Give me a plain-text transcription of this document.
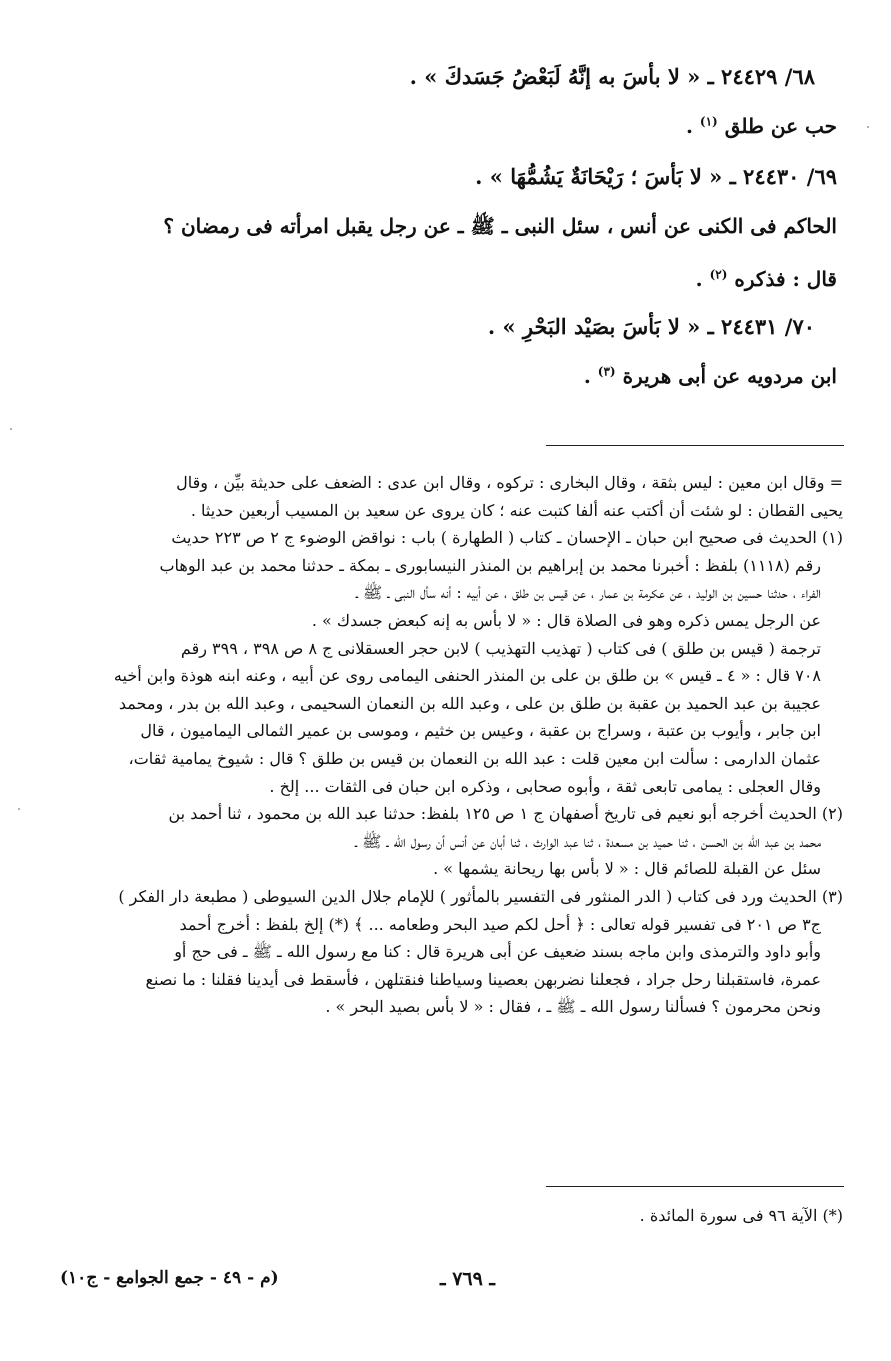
٦٨/ ٢٤٤٢٩ ـ « لا بأسَ به إنَّهُ لَبَعْضُ جَسَدكَ » .
حب عن طلق $^{(١)}$ .
٦٩/ ٢٤٤٣٠ ـ « لا بَأسَ ؛ رَيْحَانَةٌ يَشُمُّهَا » .
الحاكم فى الكنى عن أنس ، سئل النبى ـ ﷺ ـ عن رجل يقبل امرأته فى رمضان ؟
قال : فذكره $^{(٢)}$ .
٧٠/ ٢٤٤٣١ ـ « لا بَأسَ بصَيْد البَحْرِ » .
ابن مردويه عن أبى هريرة $^{(٣)}$ .
= وقال ابن معين : ليس بثقة ، وقال البخارى : تركوه ، وقال ابن عدى : الضعف على حديثة بيِّن ، وقال
يحيى القطان : لو شئت أن أكتب عنه ألفا كتبت عنه ؛ كان يروى عن سعيد بن المسيب أربعين حديثا .
(١) الحديث فى صحيح ابن حبان ـ الإحسان ـ كتاب ( الطهارة ) باب : نواقض الوضوء ج ٢ ص ٢٢٣ حديث
رقم (١١١٨) بلفظ : أخبرنا محمد بن إبراهيم بن المنذر النيسابورى ـ بمكة ـ حدثنا محمد بن عبد الوهاب
الفراء ، حدثنا حسين بن الوليد ، عن عكرمة بن عمار ، عن قيس بن طلق ، عن أبيه : أنه سأل النبى ـ ﷺ ـ
عن الرجل يمس ذكره وهو فى الصلاة قال : « لا بأس به إنه كبعض جسدك » .
ترجمة ( قيس بن طلق ) فى كتاب ( تهذيب التهذيب ) لابن حجر العسقلانى ج ٨ ص ٣٩٨ ، ٣٩٩ رقم
٧٠٨ قال : « ٤ ـ قيس » بن طلق بن على بن المنذر الحنفى اليمامى روى عن أبيه ، وعنه ابنه هوذة وابن أخيه
عجيبة بن عبد الحميد بن عقبة بن طلق بن على ، وعبد الله بن النعمان السحيمى ، وعبد الله بن بدر ، ومحمد
ابن جابر ، وأيوب بن عتبة ، وسراج بن عقبة ، وعيس بن خثيم ، وموسى بن عمير الثمالى اليماميون ، قال
عثمان الدارمى : سألت ابن معين قلت : عبد الله بن النعمان بن قيس بن طلق ؟ قال : شيوخ يمامية ثقات،
وقال العجلى : يمامى تابعى ثقة ، وأبوه صحابى ، وذكره ابن حبان فى الثقات ... إلخ .
(٢) الحديث أخرجه أبو نعيم فى تاريخ أصفهان ج ١ ص ١٢٥ بلفظ: حدثنا عبد الله بن محمود ، ثنا أحمد بن
محمد بن عبد الله بن الحسن ، ثنا حميد بن مسعدة ، ثنا عبد الوارث ، ثنا أبان عن أنس أن رسول الله ـ ﷺ ـ
سئل عن القبلة للصائم قال : « لا بأس بها ريحانة يشمها » .
(٣) الحديث ورد فى كتاب ( الدر المنثور فى التفسير بالمأثور ) للإمام جلال الدين السيوطى ( مطبعة دار الفكر )
ج٣ ص ٢٠١ فى تفسير قوله تعالى : ﴿ أحل لكم صيد البحر وطعامه ... ﴾ (*) إلخ بلفظ : أخرج أحمد
وأبو داود والترمذى وابن ماجه بسند ضعيف عن أبى هريرة قال : كنا مع رسول الله ـ ﷺ ـ فى حج أو
عمرة، فاستقبلنا رحل جراد ، فجعلنا نضربهن بعصينا وسياطنا فنقتلهن ، فأسقط فى أيدينا فقلنا : ما نصنع
ونحن محرمون ؟ فسألنا رسول الله ـ ﷺ ـ ، فقال : « لا بأس بصيد البحر » .
(*) الآية ٩٦ فى سورة المائدة .
ـ ٧٦٩ ـ
(م - ٤٩ - جمع الجوامع - ج١٠)
